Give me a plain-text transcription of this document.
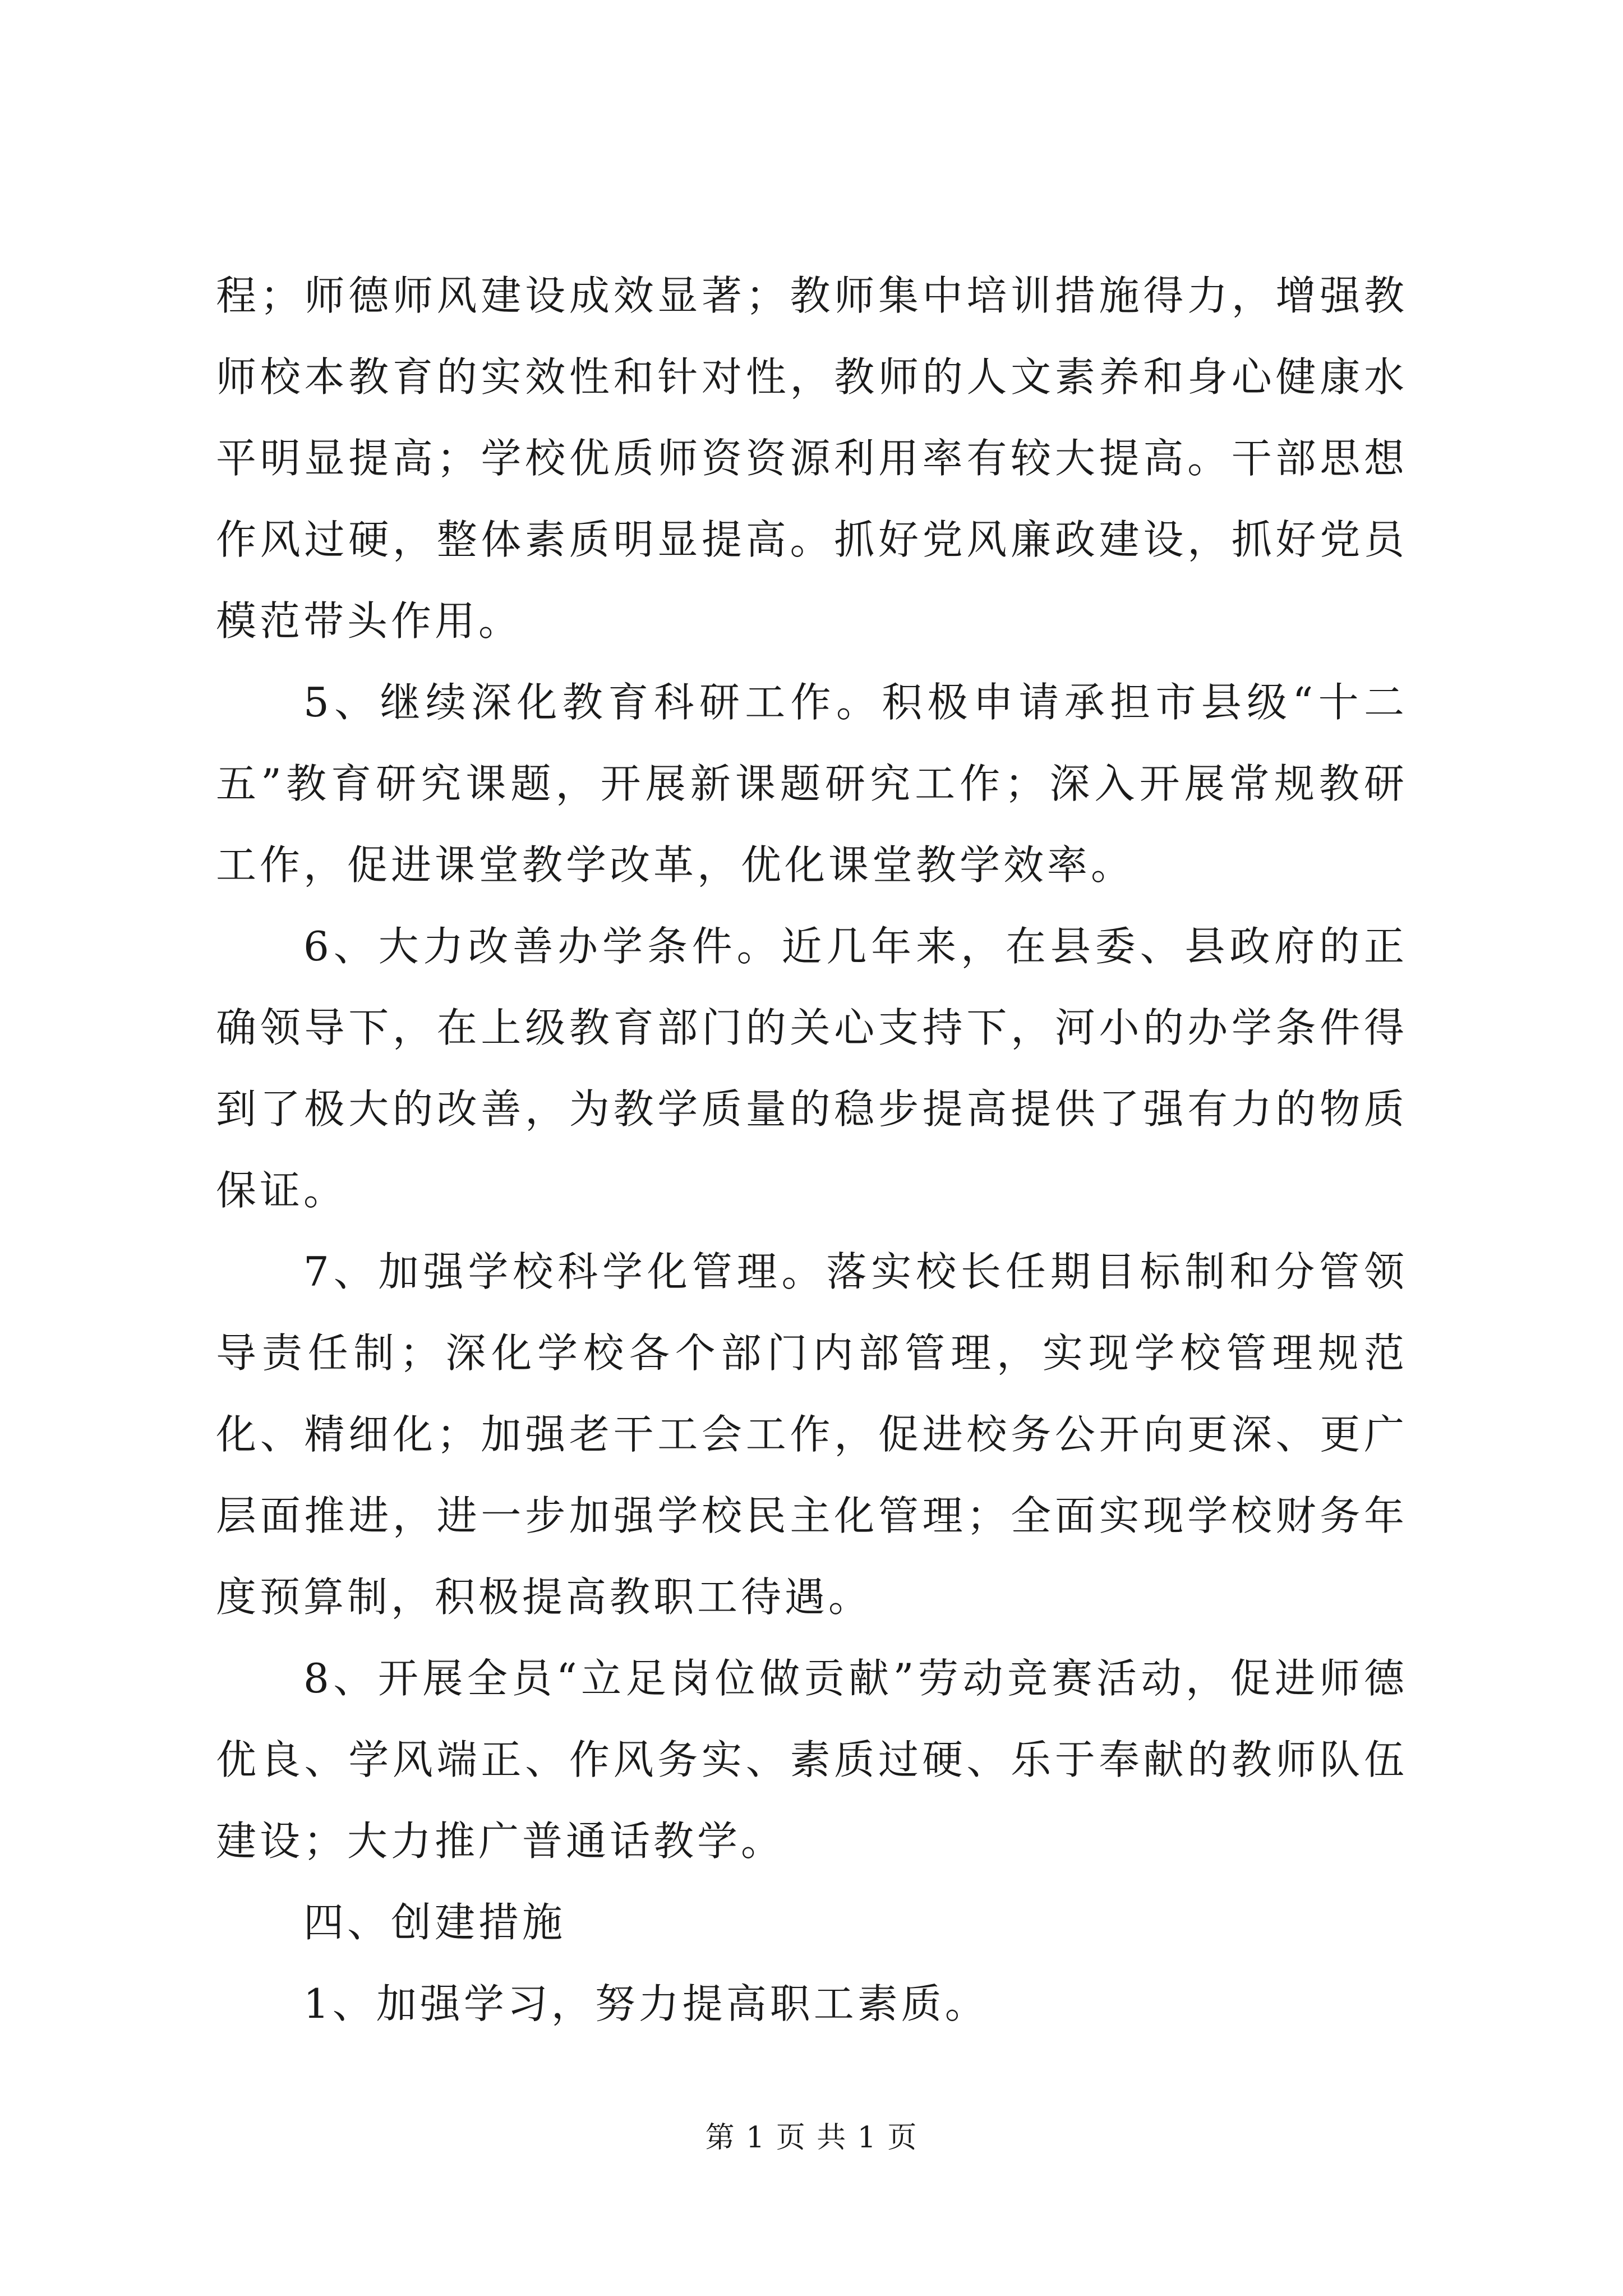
程；师德师风建设成效显著；教师集中培训措施得力，增强教师校本教育的实效性和针对性，教师的人文素养和身心健康水平明显提高；学校优质师资资源利用率有较大提高。干部思想作风过硬，整体素质明显提高。抓好党风廉政建设，抓好党员模范带头作用。

5、继续深化教育科研工作。积极申请承担市县级“十二五”教育研究课题，开展新课题研究工作；深入开展常规教研工作，促进课堂教学改革，优化课堂教学效率。

6、大力改善办学条件。近几年来，在县委、县政府的正确领导下，在上级教育部门的关心支持下，河小的办学条件得到了极大的改善，为教学质量的稳步提高提供了强有力的物质保证。

7、加强学校科学化管理。落实校长任期目标制和分管领导责任制；深化学校各个部门内部管理，实现学校管理规范化、精细化；加强老干工会工作，促进校务公开向更深、更广层面推进，进一步加强学校民主化管理；全面实现学校财务年度预算制，积极提高教职工待遇。

8、开展全员“立足岗位做贡献”劳动竞赛活动，促进师德优良、学风端正、作风务实、素质过硬、乐于奉献的教师队伍建设；大力推广普通话教学。

四、创建措施

1、加强学习，努力提高职工素质。

第 1 页 共 1 页
